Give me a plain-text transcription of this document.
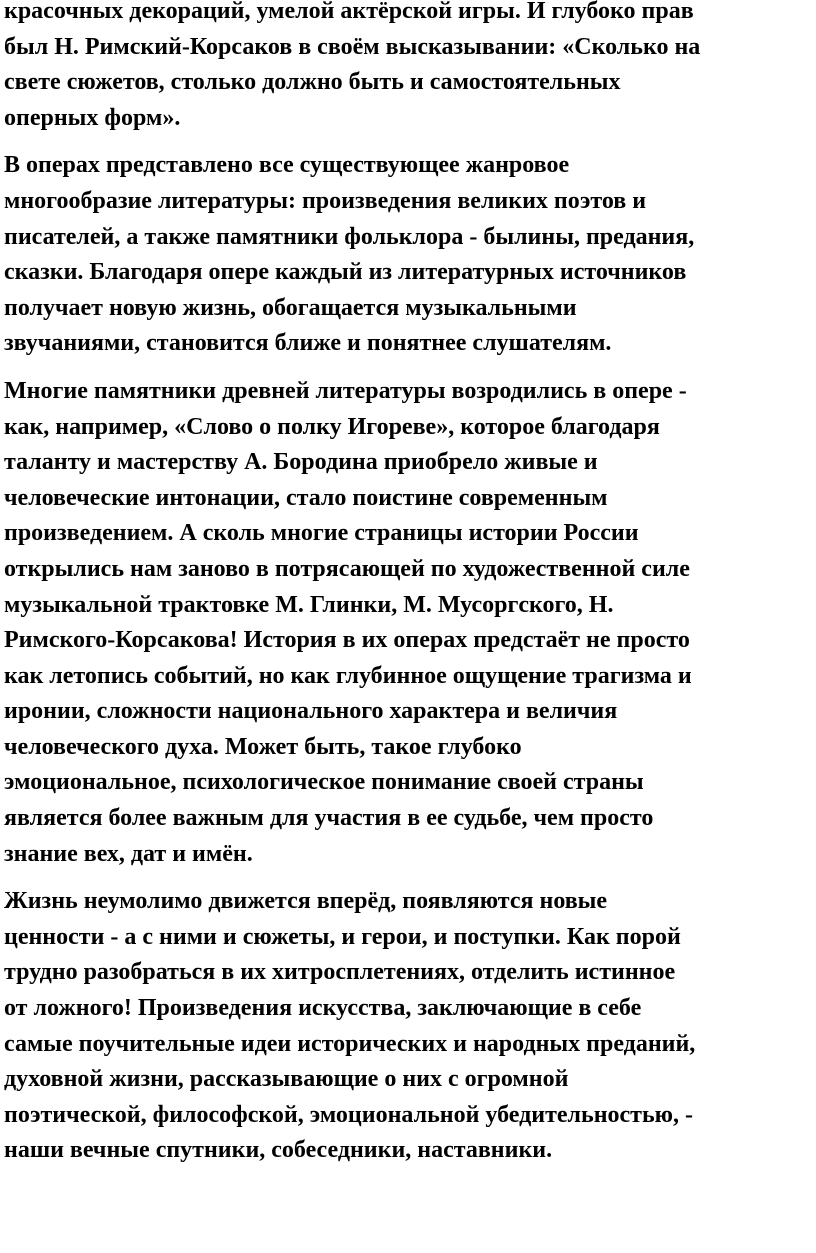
красочных декораций, умелой актёрской игры. И глубоко прав
был Н. Римский-Корсаков в своём высказывании: «Сколько на
свете сюжетов, столько должно быть и самостоятельных
оперных форм».
В операх представлено все существующее жанровое
многообразие литературы: произведения великих поэтов и
писателей, а также памятники фольклора - былины, предания,
сказки. Благодаря опере каждый из литературных источников
получает новую жизнь, обогащается музыкальными
звучаниями, становится ближе и понятнее слушателям.
Многие памятники древней литературы возродились в опере -
как, например, «Слово о полку Игореве», которое благодаря
таланту и мастерству А. Бородина приобрело живые и
человеческие интонации, стало поистине современным
произведением. А сколь многие страницы истории России
открылись нам заново в потрясающей по художественной силе
музыкальной трактовке М. Глинки, М. Мусоргского, Н.
Римского-Корсакова! История в их операх предстаёт не просто
как летопись событий, но как глубинное ощущение трагизма и
иронии, сложности национального характера и величия
человеческого духа. Может быть, такое глубоко
эмоциональное, психологическое понимание своей страны
является более важным для участия в ее судьбе, чем просто
знание вех, дат и имён.
Жизнь неумолимо движется вперёд, появляются новые
ценности - а с ними и сюжеты, и герои, и поступки. Как порой
трудно разобраться в их хитросплетениях, отделить истинное
от ложного! Произведения искусства, заключающие в себе
самые поучительные идеи исторических и народных преданий,
духовной жизни, рассказывающие о них с огромной
поэтической, философской, эмоциональной убедительностью, -
наши вечные спутники, собеседники, наставники.
